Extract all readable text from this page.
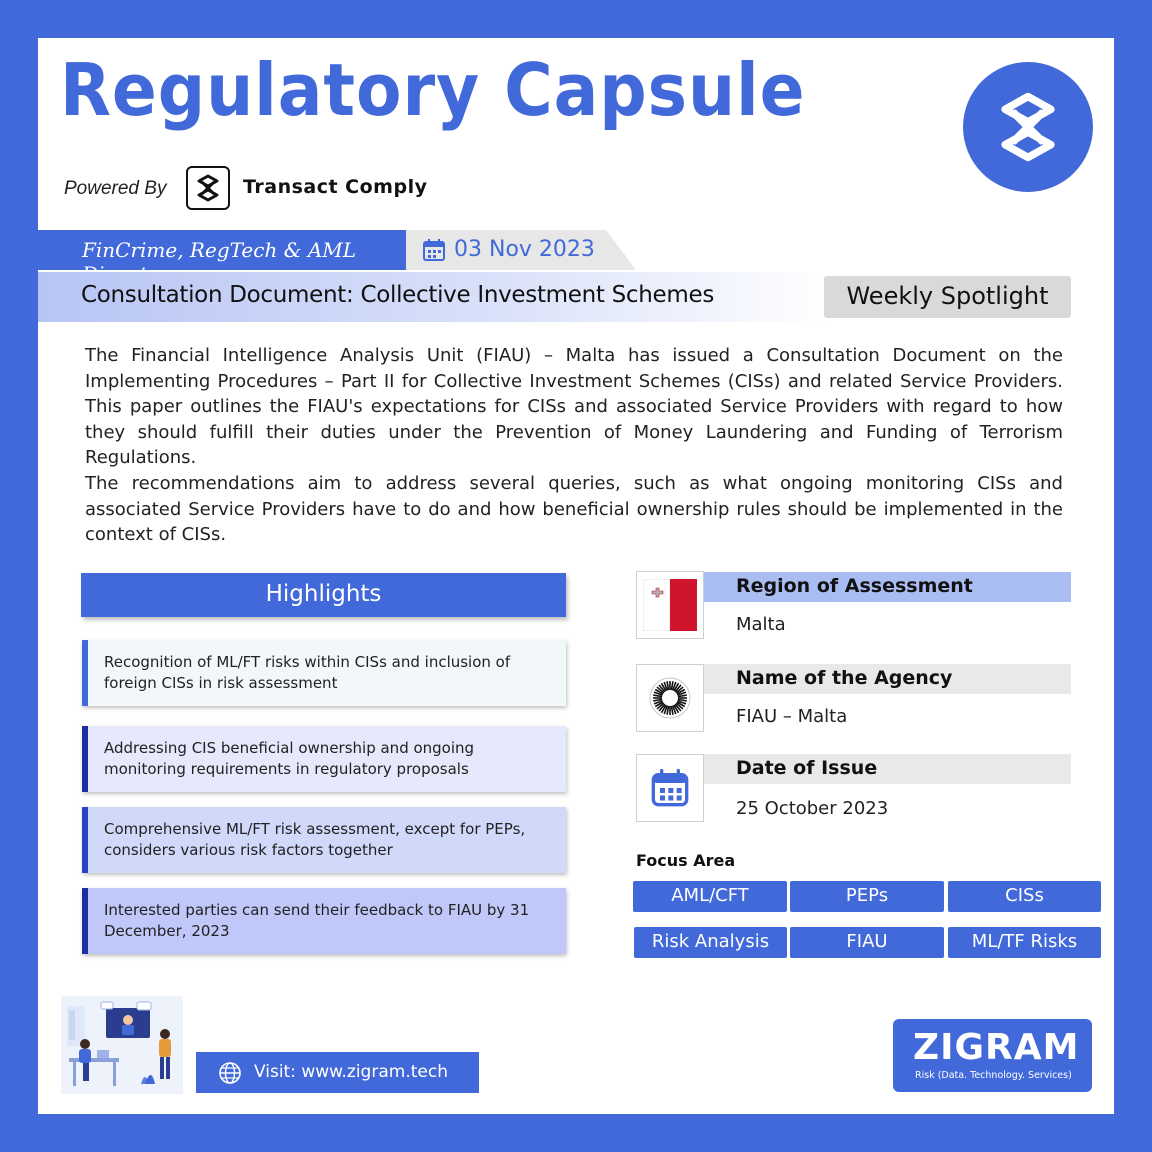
Regulatory Capsule
Powered By	Transact Comply
FinCrime, RegTech & AML	03 Nov 2023
Consultation Document: Collective Investment Schemes	Weekly Spotlight

The Financial Intelligence Analysis Unit (FIAU) – Malta has issued a Consultation Document on the Implementing Procedures – Part II for Collective Investment Schemes (CISs) and related Service Providers. This paper outlines the FIAU's expectations for CISs and associated Service Providers with regard to how they should fulfill their duties under the Prevention of Money Laundering and Funding of Terrorism Regulations.

The recommendations aim to address several queries, such as what ongoing monitoring CISs and associated Service Providers have to do and how beneficial ownership rules should be implemented in the context of CISs.

Highlights
Recognition of ML/FT risks within CISs and inclusion of foreign CISs in risk assessment
Addressing CIS beneficial ownership and ongoing monitoring requirements in regulatory proposals
Comprehensive ML/FT risk assessment, except for PEPs, considers various risk factors together
Interested parties can send their feedback to FIAU by 31 December, 2023
Region of Assessment
Malta
Name of the Agency
FIAU – Malta
Date of Issue
25 October 2023
Focus Area
AML/CFT	PEPs	CISs
Risk Analysis	FIAU	ML/TF Risks
Visit: www.zigram.tech
ZIGRAM
Risk (Data. Technology. Services)
